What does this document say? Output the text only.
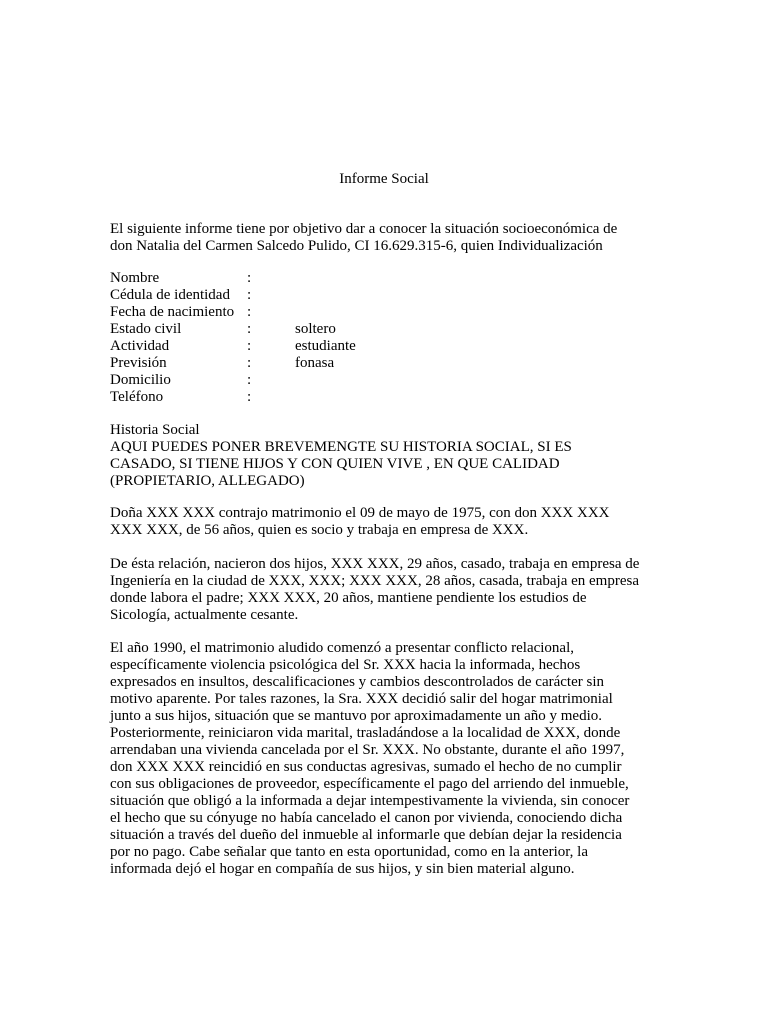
Informe Social

El siguiente informe tiene por objetivo dar a conocer la situación socioeconómica de

don Natalia del Carmen Salcedo Pulido, CI 16.629.315-6, quien Individualización

Nombre	:
Cédula de identidad :
Fecha de nacimiento :
Estado civil	:	soltero
Actividad	:	estudiante
Previsión	:	fonasa
Domicilio	:
Teléfono	:

Historia Social

AQUI PUEDES PONER BREVEMENGTE SU HISTORIA SOCIAL, SI ES

CASADO, SI TIENE HIJOS Y CON QUIEN VIVE , EN QUE CALIDAD

(PROPIETARIO, ALLEGADO)

Doña XXX XXX contrajo matrimonio el 09 de mayo de 1975, con don XXX XXX

XXX XXX, de 56 años, quien es socio y trabaja en empresa de XXX.

De ésta relación, nacieron dos hijos, XXX XXX, 29 años, casado, trabaja en empresa de

Ingeniería en la ciudad de XXX, XXX; XXX XXX, 28 años, casada, trabaja en empresa

donde labora el padre; XXX XXX, 20 años, mantiene pendiente los estudios de

Sicología, actualmente cesante.

El año 1990, el matrimonio aludido comenzó a presentar conflicto relacional,

específicamente violencia psicológica del Sr. XXX hacia la informada, hechos

expresados en insultos, descalificaciones y cambios descontrolados de carácter sin

motivo aparente. Por tales razones, la Sra. XXX decidió salir del hogar matrimonial

junto a sus hijos, situación que se mantuvo por aproximadamente un año y medio.

Posteriormente, reiniciaron vida marital, trasladándose a la localidad de XXX, donde

arrendaban una vivienda cancelada por el Sr. XXX. No obstante, durante el año 1997,

don XXX XXX reincidió en sus conductas agresivas, sumado el hecho de no cumplir

con sus obligaciones de proveedor, específicamente el pago del arriendo del inmueble,

situación que obligó a la informada a dejar intempestivamente la vivienda, sin conocer

el hecho que su cónyuge no había cancelado el canon por vivienda, conociendo dicha

situación a través del dueño del inmueble al informarle que debían dejar la residencia

por no pago. Cabe señalar que tanto en esta oportunidad, como en la anterior, la

informada dejó el hogar en compañía de sus hijos, y sin bien material alguno.
